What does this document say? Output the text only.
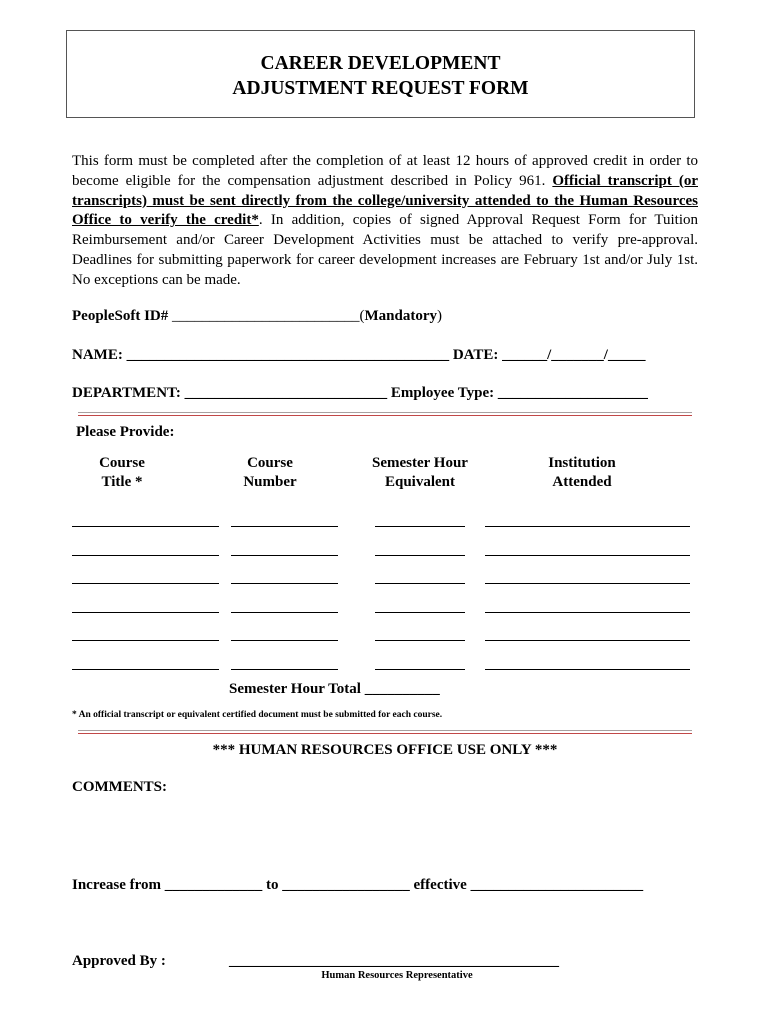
CAREER DEVELOPMENT
ADJUSTMENT REQUEST FORM
This form must be completed after the completion of at least 12 hours of approved credit in order to become eligible for the compensation adjustment described in Policy 961. Official transcript (or transcripts) must be sent directly from the college/university attended to the Human Resources Office to verify the credit*. In addition, copies of signed Approval Request Form for Tuition Reimbursement and/or Career Development Activities must be attached to verify pre-approval. Deadlines for submitting paperwork for career development increases are February 1st and/or July 1st. No exceptions can be made.
PeopleSoft ID# _________________________(Mandatory)
NAME: ___________________________________________ DATE: ______/_______/_____
DEPARTMENT: ___________________________ Employee Type: ____________________
Please Provide:
Course
Title *
Course
Number
Semester Hour
Equivalent
Institution
Attended
Semester Hour Total __________
* An official transcript or equivalent certified document must be submitted for each course.
*** HUMAN RESOURCES OFFICE USE ONLY ***
COMMENTS:
Increase from _____________ to _________________ effective _______________________
Approved By :	____________________________________________
Human Resources Representative
